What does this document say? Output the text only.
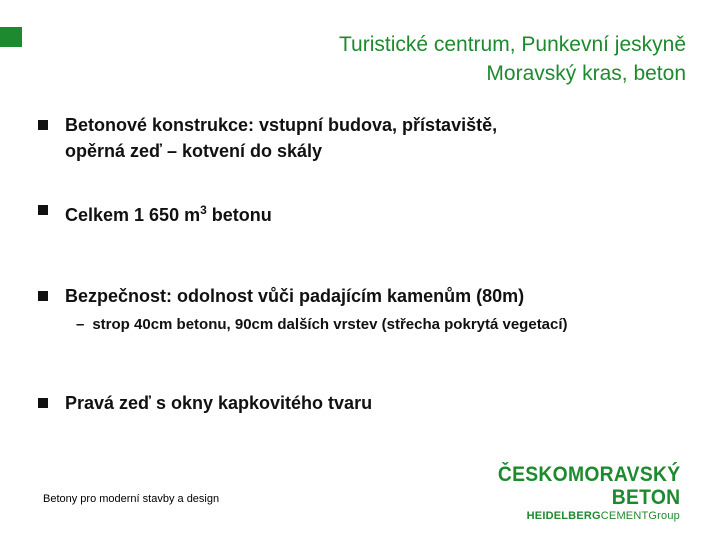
Turistické centrum, Punkevní jeskyně
Moravský kras, beton
Betonové konstrukce: vstupní budova, přístaviště,
opěrná zeď – kotvení do skály
Celkem 1 650 $m^3$ betonu
Bezpečnost: odolnost vůči padajícím kamenům (80m)
– strop 40cm betonu, 90cm dalších vrstev (střecha pokrytá vegetací)
Pravá zeď s okny kapkovitého tvaru
Betony pro moderní stavby a design
ČESKOMORAVSKÝ
BETON
HEIDELBERGCEMENTGroup
